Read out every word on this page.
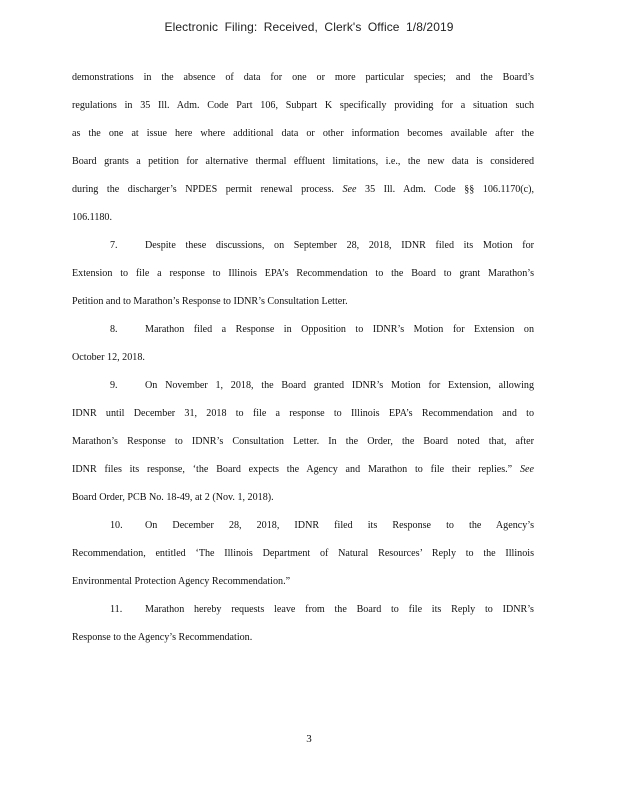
Electronic Filing: Received, Clerk's Office 1/8/2019

demonstrations in the absence of data for one or more particular species; and the Board’s

regulations in 35 Ill. Adm. Code Part 106, Subpart K specifically providing for a situation such

as the one at issue here where additional data or other information becomes available after the

Board grants a petition for alternative thermal effluent limitations, i.e., the new data is considered

during the discharger’s NPDES permit renewal process. See 35 Ill. Adm. Code §§ 106.1170(c),

106.1180.

7.	Despite these discussions, on September 28, 2018, IDNR filed its Motion for

Extension to file a response to Illinois EPA’s Recommendation to the Board to grant Marathon’s

Petition and to Marathon’s Response to IDNR’s Consultation Letter.

8.	Marathon filed a Response in Opposition to IDNR’s Motion for Extension on

October 12, 2018.

9.	On November 1, 2018, the Board granted IDNR’s Motion for Extension, allowing

IDNR until December 31, 2018 to file a response to Illinois EPA’s Recommendation and to

Marathon’s Response to IDNR’s Consultation Letter. In the Order, the Board noted that, after

IDNR files its response, ‘the Board expects the Agency and Marathon to file their replies.” See

Board Order, PCB No. 18-49, at 2 (Nov. 1, 2018).

10. On December 28, 2018, IDNR filed its Response to the Agency’s

Recommendation, entitled ‘The Illinois Department of Natural Resources’ Reply to the Illinois

Environmental Protection Agency Recommendation.”

11. Marathon hereby requests leave from the Board to file its Reply to IDNR’s

Response to the Agency’s Recommendation.

3
